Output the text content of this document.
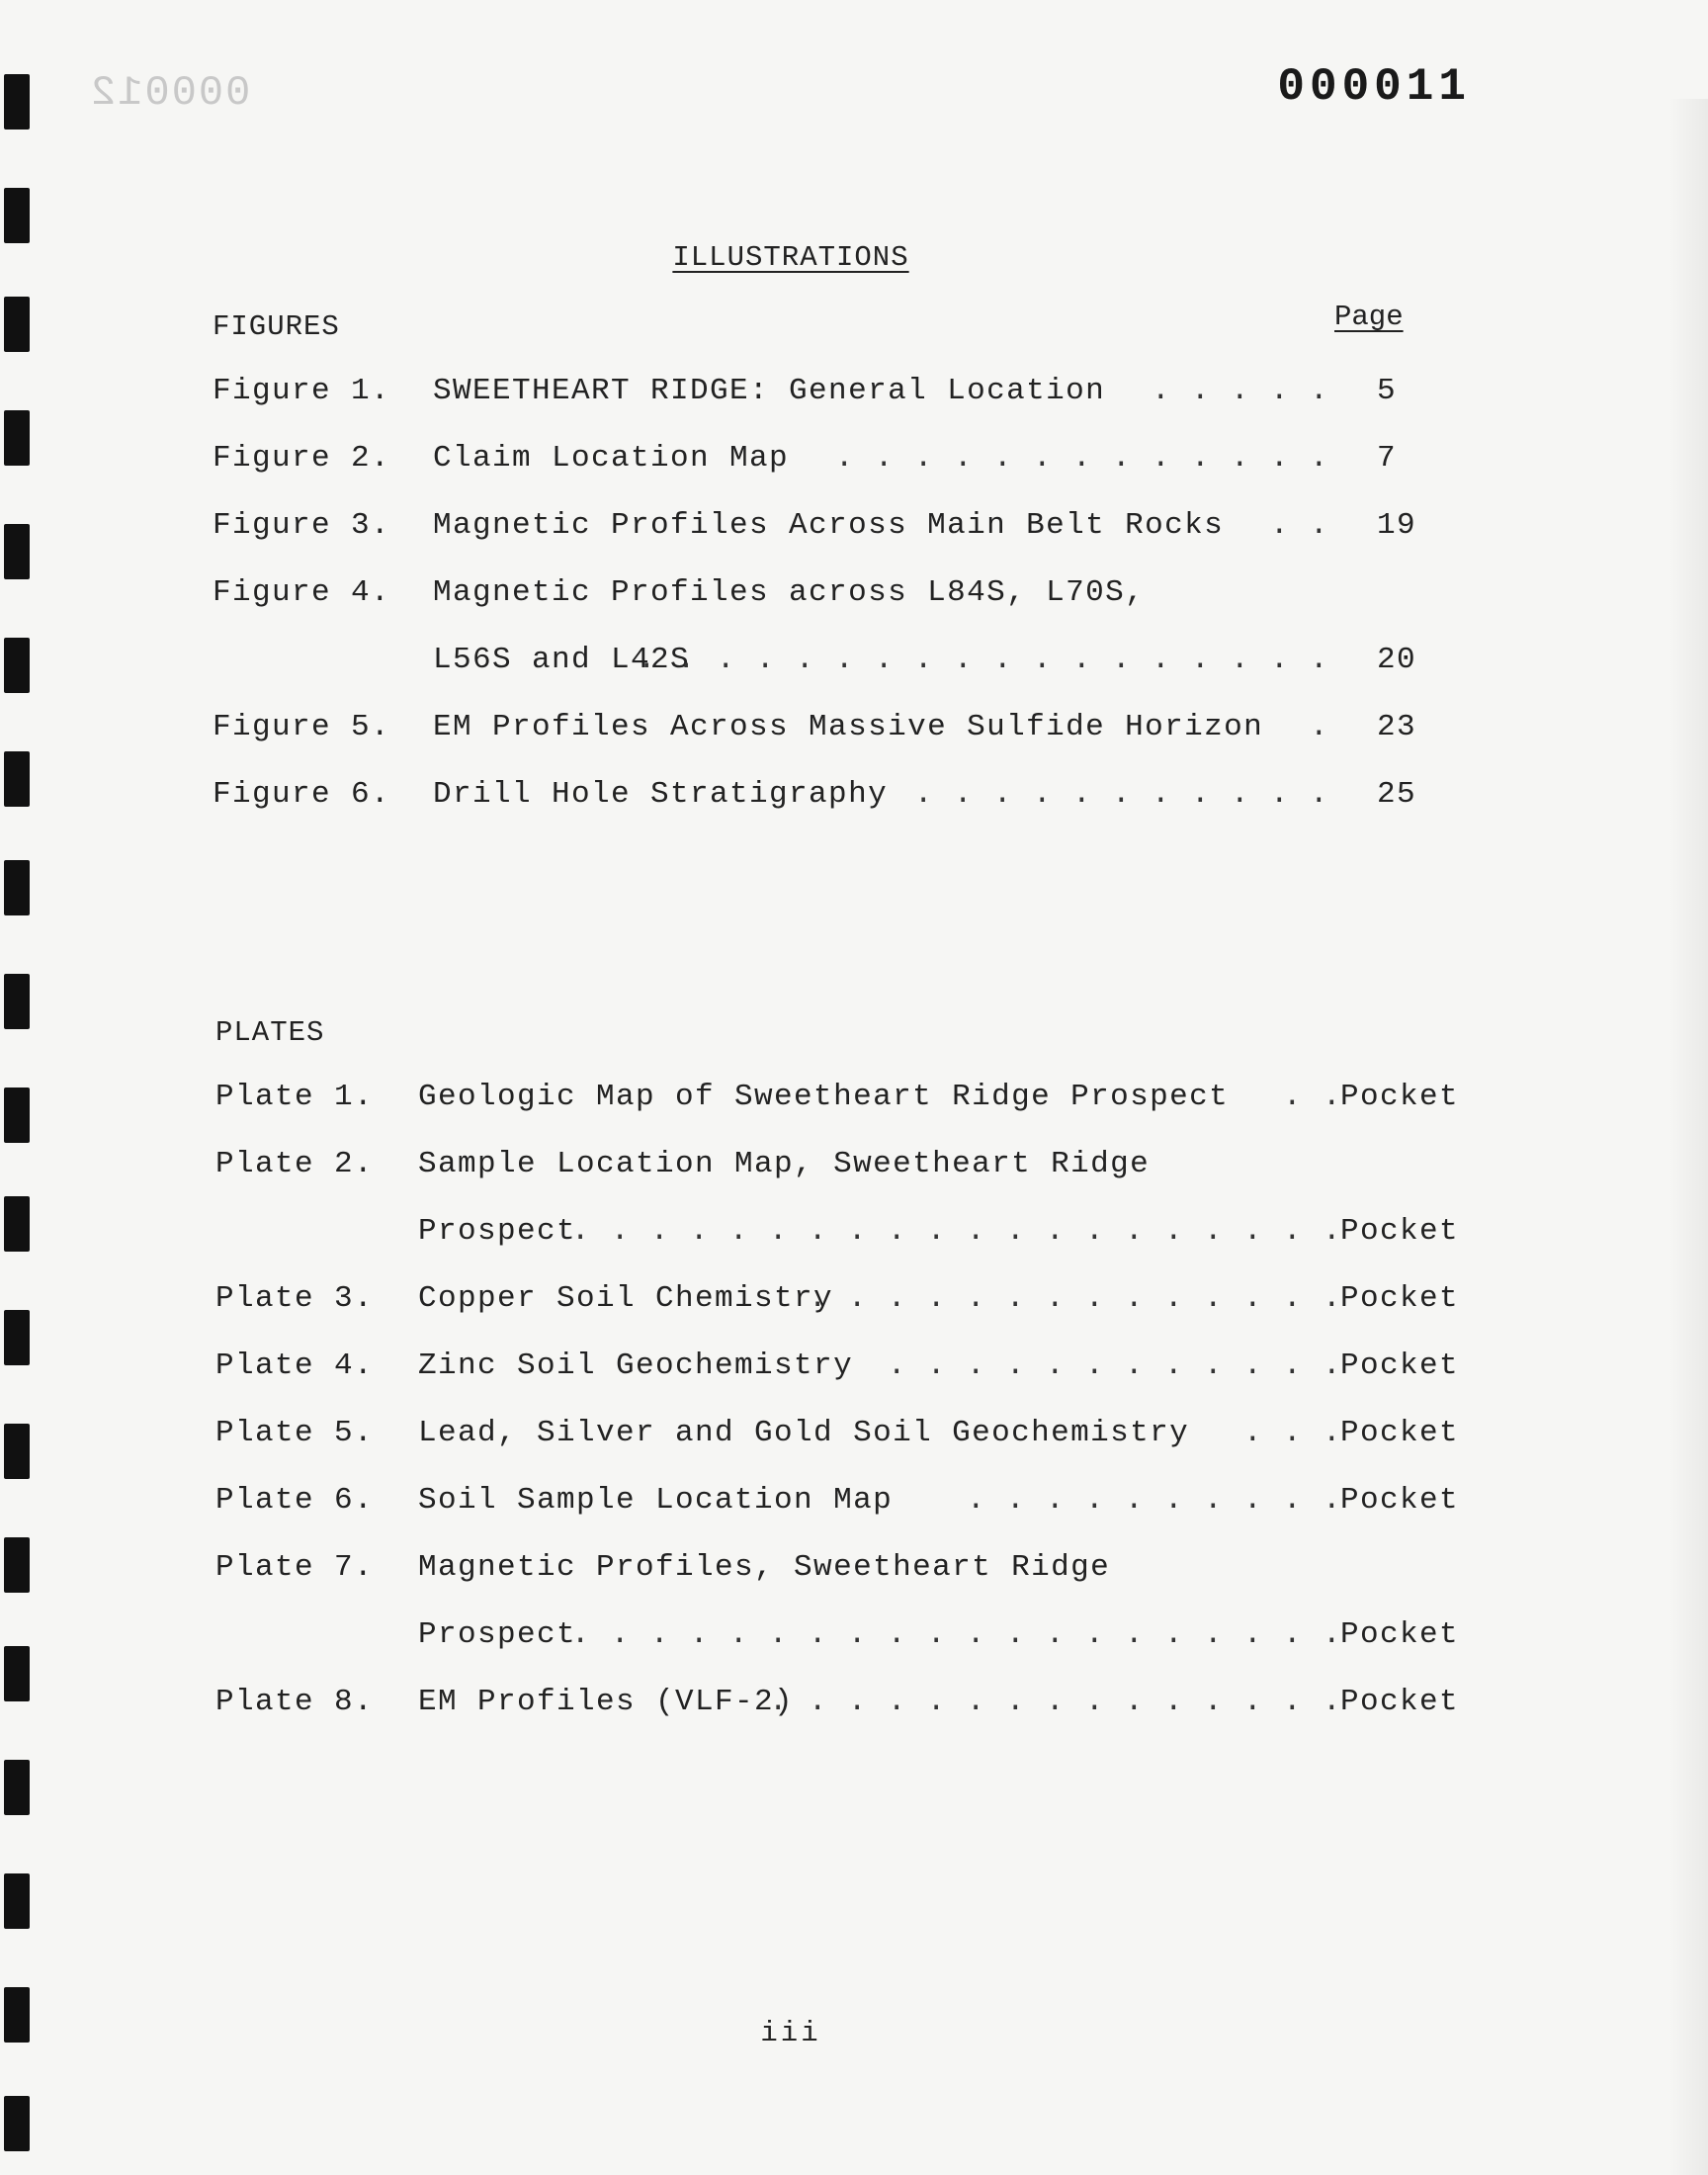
000012	000011
ILLUSTRATIONS
FIGURES	Page
Figure 1. SWEETHEART RIDGE: General Location . . . . . 5
Figure 2. Claim Location Map . . . . . . . . . . . . . 7
Figure 3. Magnetic Profiles Across Main Belt Rocks . . 19
Figure 4. Magnetic Profiles across L84S, L70S,
L56S and L42S
. . . . . . . . . . . . . . . . . . 20
Figure 5. EM Profiles Across Massive Sulfide Horizon . 23
Figure 6. Drill Hole Stratigraphy . . . . . . . . . . . 25
PLATES
Plate 1. Geologic Map of Sweetheart Ridge Prospect . .
Pocket
Plate 2. Sample Location Map, Sweetheart Ridge
Prospect
. . . . . . . . . . . . . . . . . . . .
Pocket
Plate 3. Copper Soil Chemistry
. . . . . . . . . . . . . .
Pocket
Plate 4. Zinc Soil Geochemistry . . . . . . . . . . . .
Pocket
Plate 5. Lead, Silver and Gold Soil Geochemistry . . .
Pocket
Plate 6. Soil Sample Location Map . . . . . . . . . .
Pocket
Plate 7. Magnetic Profiles, Sweetheart Ridge
Prospect
. . . . . . . . . . . . . . . . . . . .
Pocket
Plate 8. EM Profiles (VLF-2)
. . . . . . . . . . . . . . .
Pocket
iii
